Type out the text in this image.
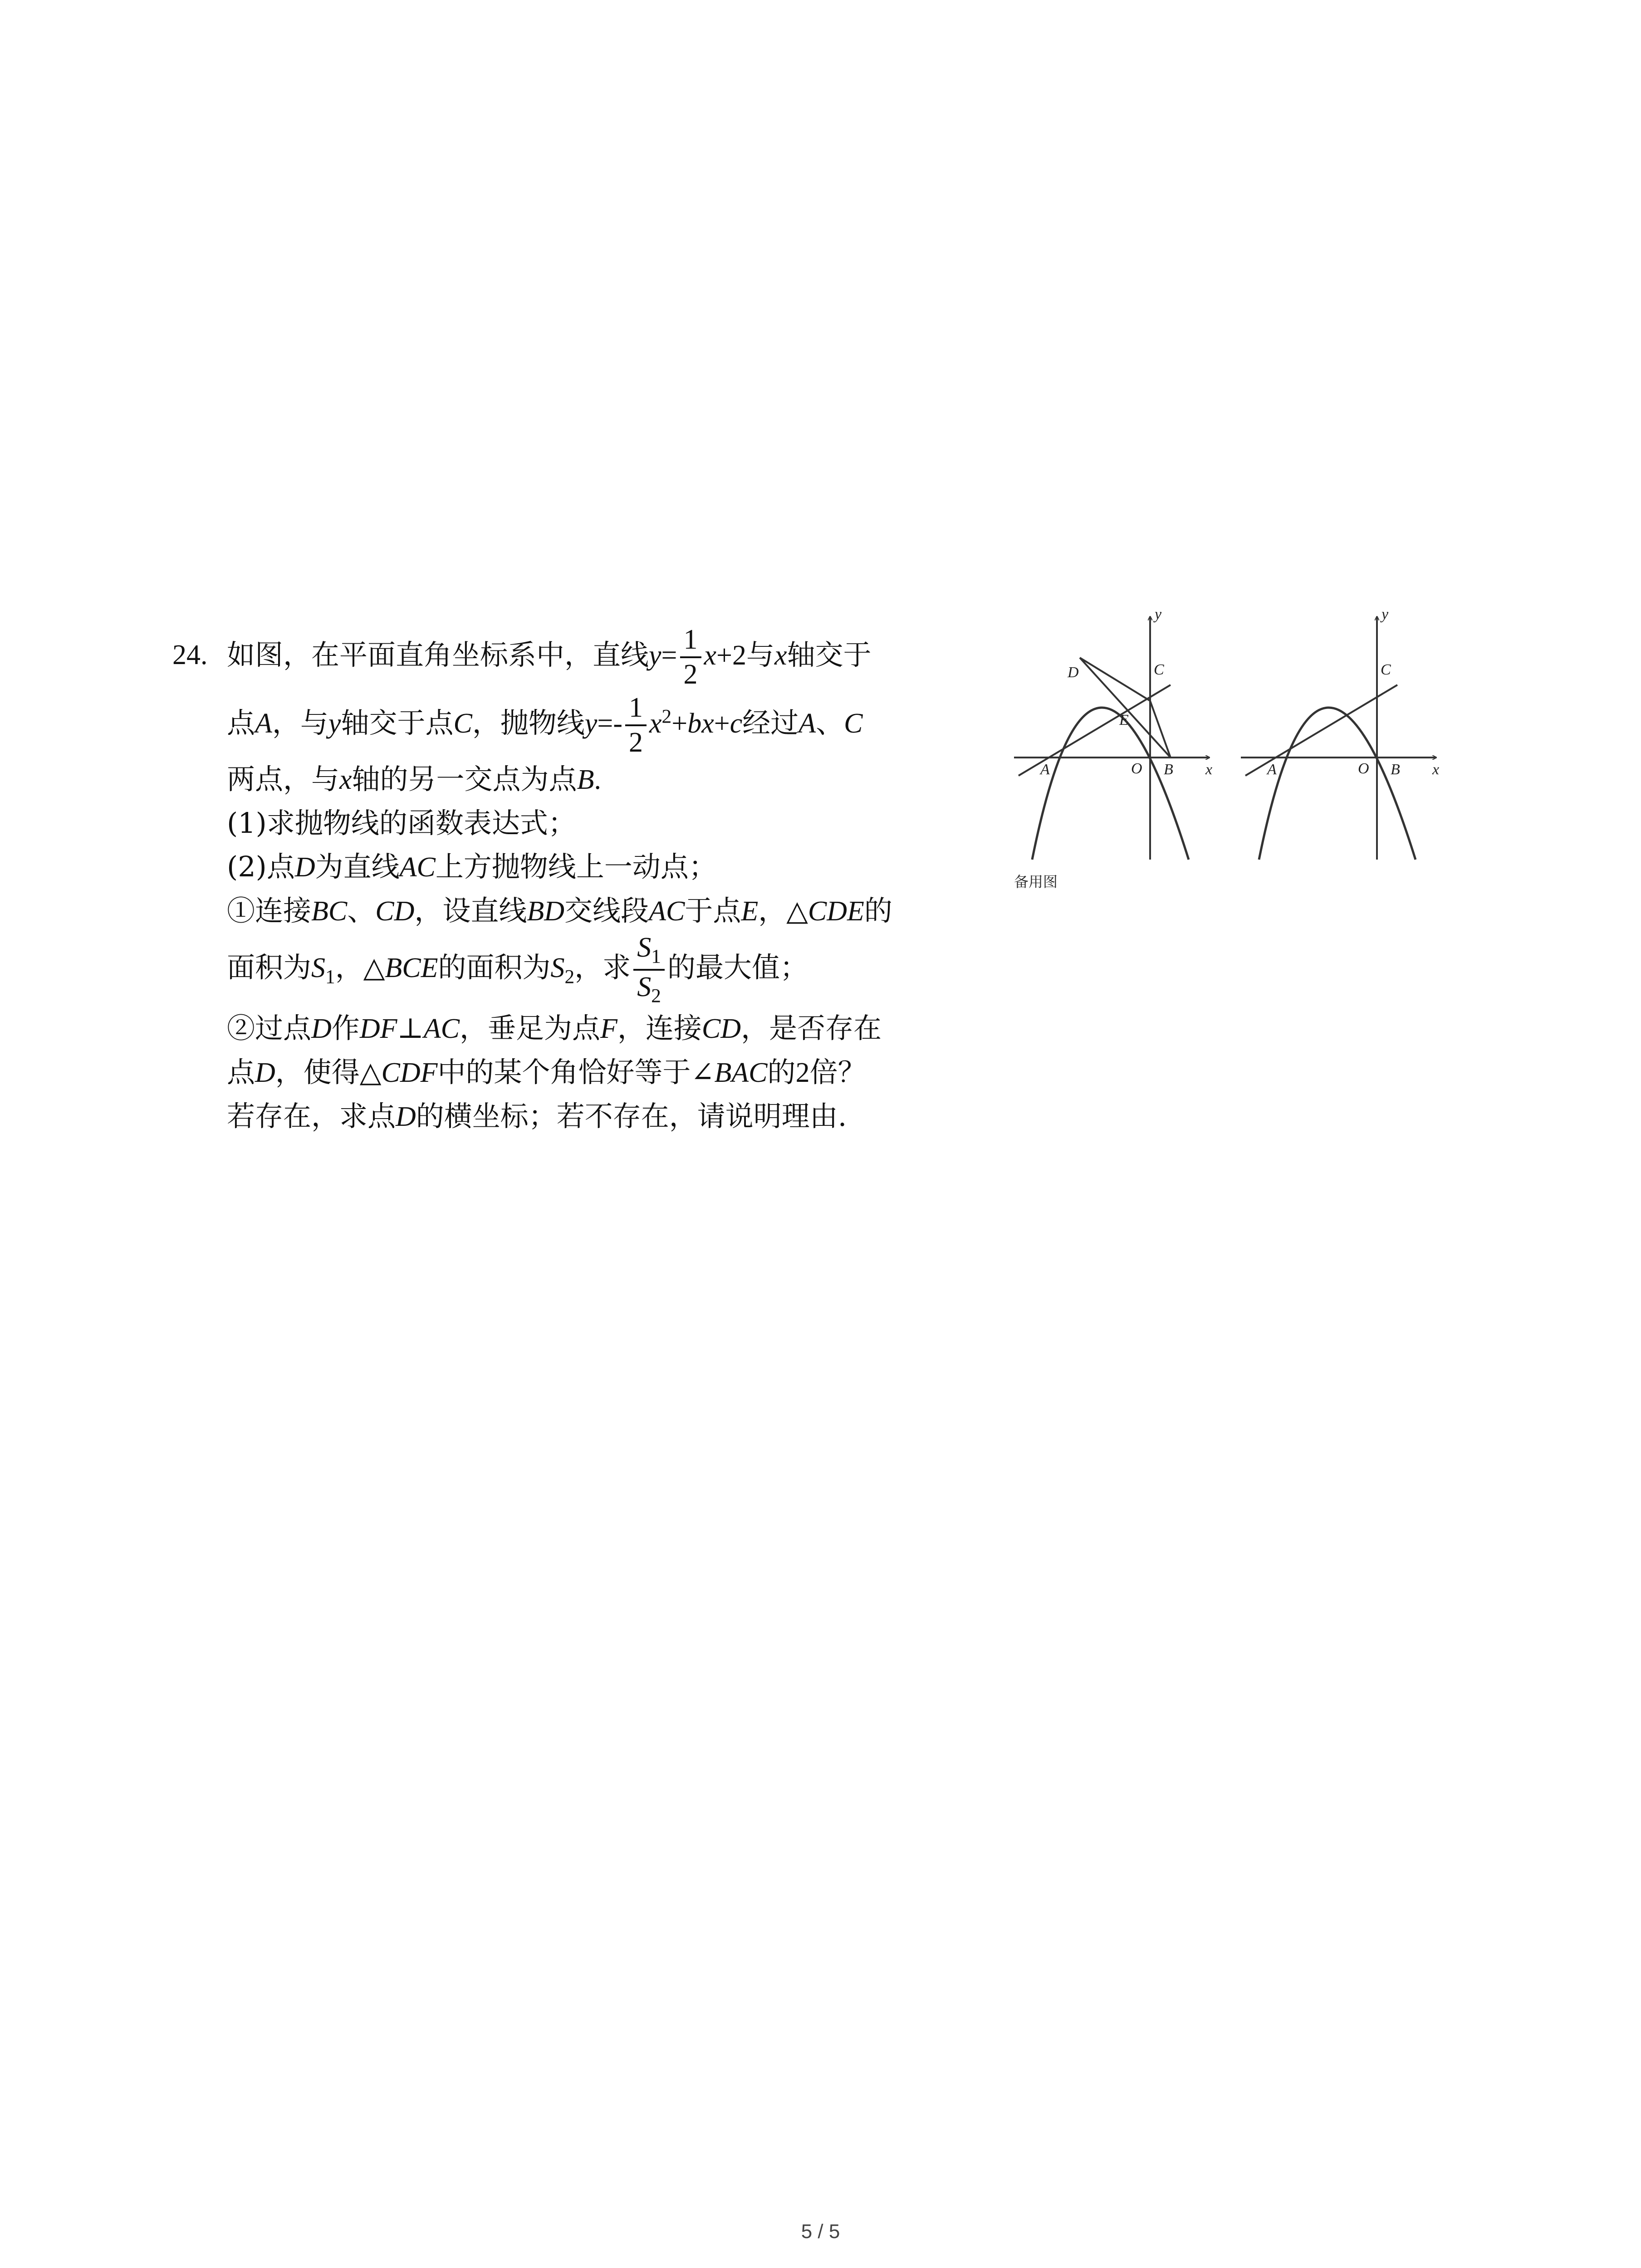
24. 如图，在平面直角坐标系中，直线$y= \frac{1}{2} x+2$与x轴交于
点A，与y轴交于点C，抛物线$y=- \frac{1}{2} x^2+bx+c$经过A、C
两点，与x轴的另一交点为点B.
(1)求抛物线的函数表达式；
(2)点D为直线AC上方抛物线上一动点；
①连接BC、CD，设直线BD交线段AC于点E，△CDE的
面积为$S_1$，△BCE的面积为$S_2$，求 $\frac{S_1}{S_2}$ 的最大值；
②过点D作DF⊥AC，垂足为点F，连接CD，是否存在
点D，使得△CDF中的某个角恰好等于∠BAC的2倍？
若存在，求点D的横坐标；若不存在，请说明理由.
y
x
O
A	B
C
D
E
y
x
O
A	B
C
备用图
5 / 5
